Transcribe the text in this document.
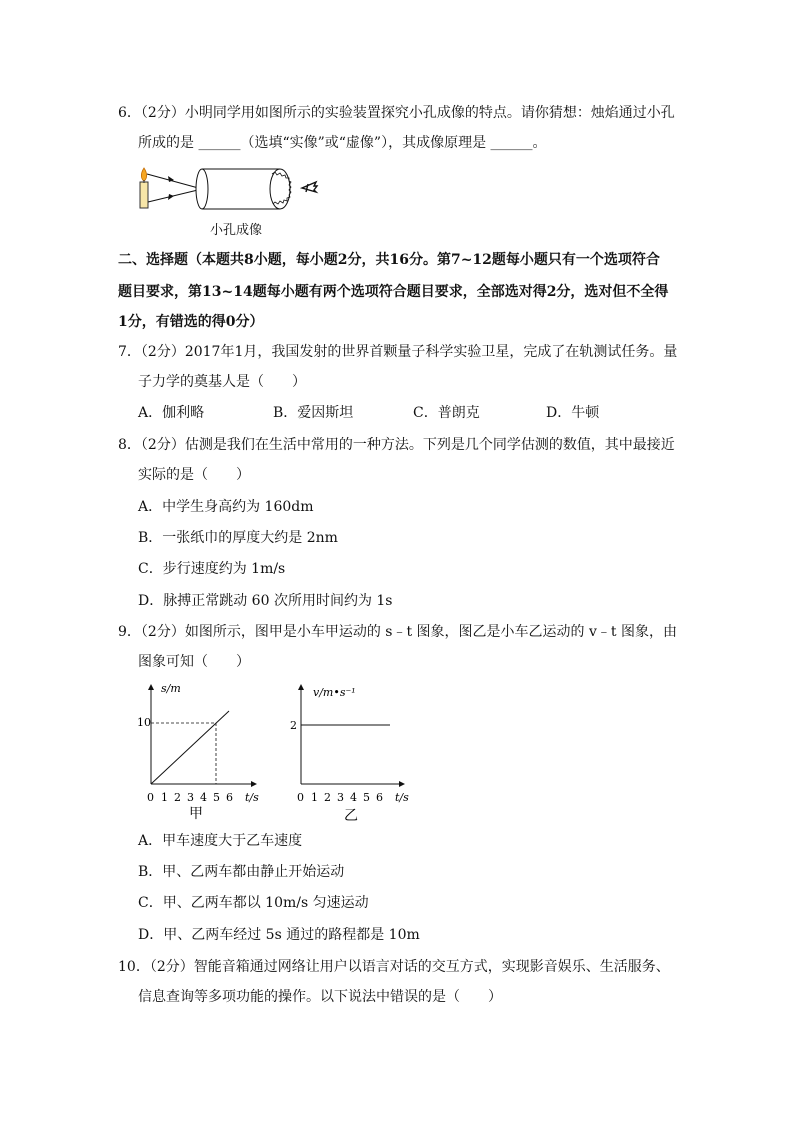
6．（2分）小明同学用如图所示的实验装置探究小孔成像的特点。请你猜想：烛焰通过小孔
所成的是 ______（选填“实像”或“虚像”），其成像原理是 ______。
小孔成像
二、选择题（本题共8小题，每小题2分，共16分。第7~12题每小题只有一个选项符合
题目要求，第13~14题每小题有两个选项符合题目要求，全部选对得2分，选对但不全得
1分，有错选的得0分）
7．（2分）2017年1月，我国发射的世界首颗量子科学实验卫星，完成了在轨测试任务。量
子力学的奠基人是（　　）
A．伽利略	B．爱因斯坦	C．普朗克	D．牛顿
8．（2分）估测是我们在生活中常用的一种方法。下列是几个同学估测的数值，其中最接近
实际的是（　　）
A．中学生身高约为 160dm
B．一张纸巾的厚度大约是 2nm
C．步行速度约为 1m/s
D．脉搏正常跳动 60 次所用时间约为 1s
9．（2分）如图所示，图甲是小车甲运动的 s﹣t 图象，图乙是小车乙运动的 v﹣t 图象，由
图象可知（　　）
s/m
t/s
10
0 1 2 3 4 5 6
甲
v/m•s⁻¹
t/s
2
0 1 2 3 4 5 6
乙
A．甲车速度大于乙车速度
B．甲、乙两车都由静止开始运动
C．甲、乙两车都以 10m/s 匀速运动
D．甲、乙两车经过 5s 通过的路程都是 10m
10．（2分）智能音箱通过网络让用户以语言对话的交互方式，实现影音娱乐、生活服务、
信息查询等多项功能的操作。以下说法中错误的是（　　）
